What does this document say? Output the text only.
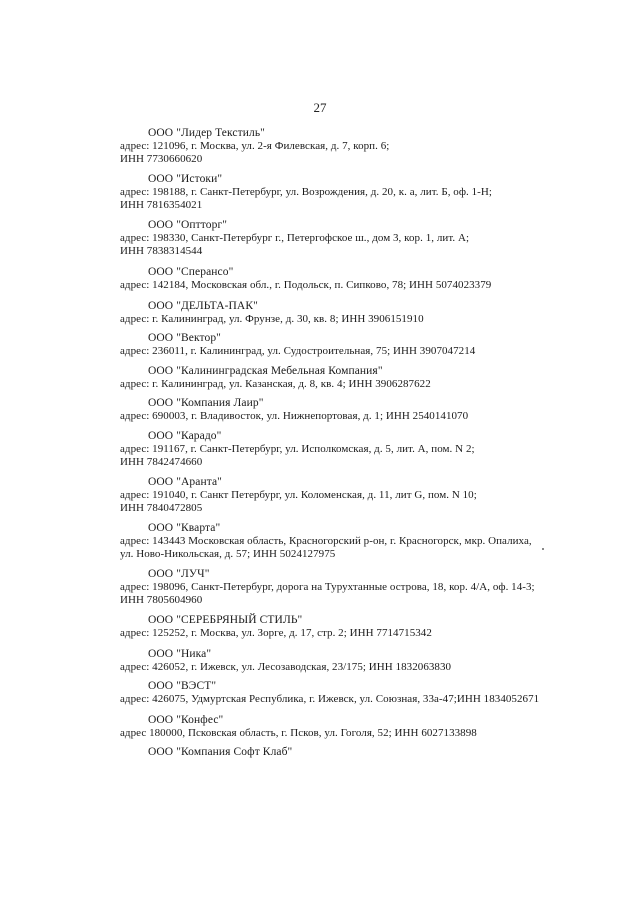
27
ООО "Лидер Текстиль"
адрес: 121096, г. Москва, ул. 2-я Филевская, д. 7, корп. 6;
ИНН 7730660620
ООО "Истоки"
адрес: 198188, г. Санкт-Петербург, ул. Возрождения, д. 20, к. а, лит. Б, оф. 1-Н;
ИНН 7816354021
ООО "Оптторг"
адрес: 198330, Санкт-Петербург г., Петергофское ш., дом 3, кор. 1, лит. А;
ИНН 7838314544
ООО "Сперансо"
адрес: 142184, Московская обл., г. Подольск, п. Сипково, 78; ИНН 5074023379
ООО "ДЕЛЬТА-ПАК"
адрес: г. Калининград, ул. Фрунзе, д. 30, кв. 8; ИНН 3906151910
ООО "Вектор"
адрес: 236011, г. Калининград, ул. Судостроительная, 75; ИНН 3907047214
ООО "Калининградская Мебельная Компания"
адрес: г. Калининград, ул. Казанская, д. 8, кв. 4; ИНН 3906287622
ООО "Компания Лаир"
адрес: 690003, г. Владивосток, ул. Нижнепортовая, д. 1; ИНН 2540141070
ООО "Карадо"
адрес: 191167, г. Санкт-Петербург, ул. Исполкомская, д. 5, лит. А, пом. N 2;
ИНН 7842474660
ООО "Аранта"
адрес: 191040, г. Санкт Петербург, ул. Коломенская, д. 11, лит G, пом. N 10;
ИНН 7840472805
ООО "Кварта"
адрес: 143443 Московская область, Красногорский р-он, г. Красногорск, мкр. Опалиха,
ул. Ново-Никольская, д. 57; ИНН 5024127975
ООО "ЛУЧ"
адрес: 198096, Санкт-Петербург, дорога на Турухтанные острова, 18, кор. 4/А, оф. 14-3;
ИНН 7805604960
ООО "СЕРЕБРЯНЫЙ СТИЛЬ"
адрес: 125252, г. Москва, ул. Зорге, д. 17, стр. 2; ИНН 7714715342
ООО "Ника"
адрес: 426052, г. Ижевск, ул. Лесозаводская, 23/175; ИНН 1832063830
ООО "ВЭСТ"
адрес: 426075, Удмуртская Республика, г. Ижевск, ул. Союзная, 33а-47;ИНН 1834052671
ООО "Конфес"
адрес 180000, Псковская область, г. Псков, ул. Гоголя, 52; ИНН 6027133898
ООО "Компания Софт Клаб"
